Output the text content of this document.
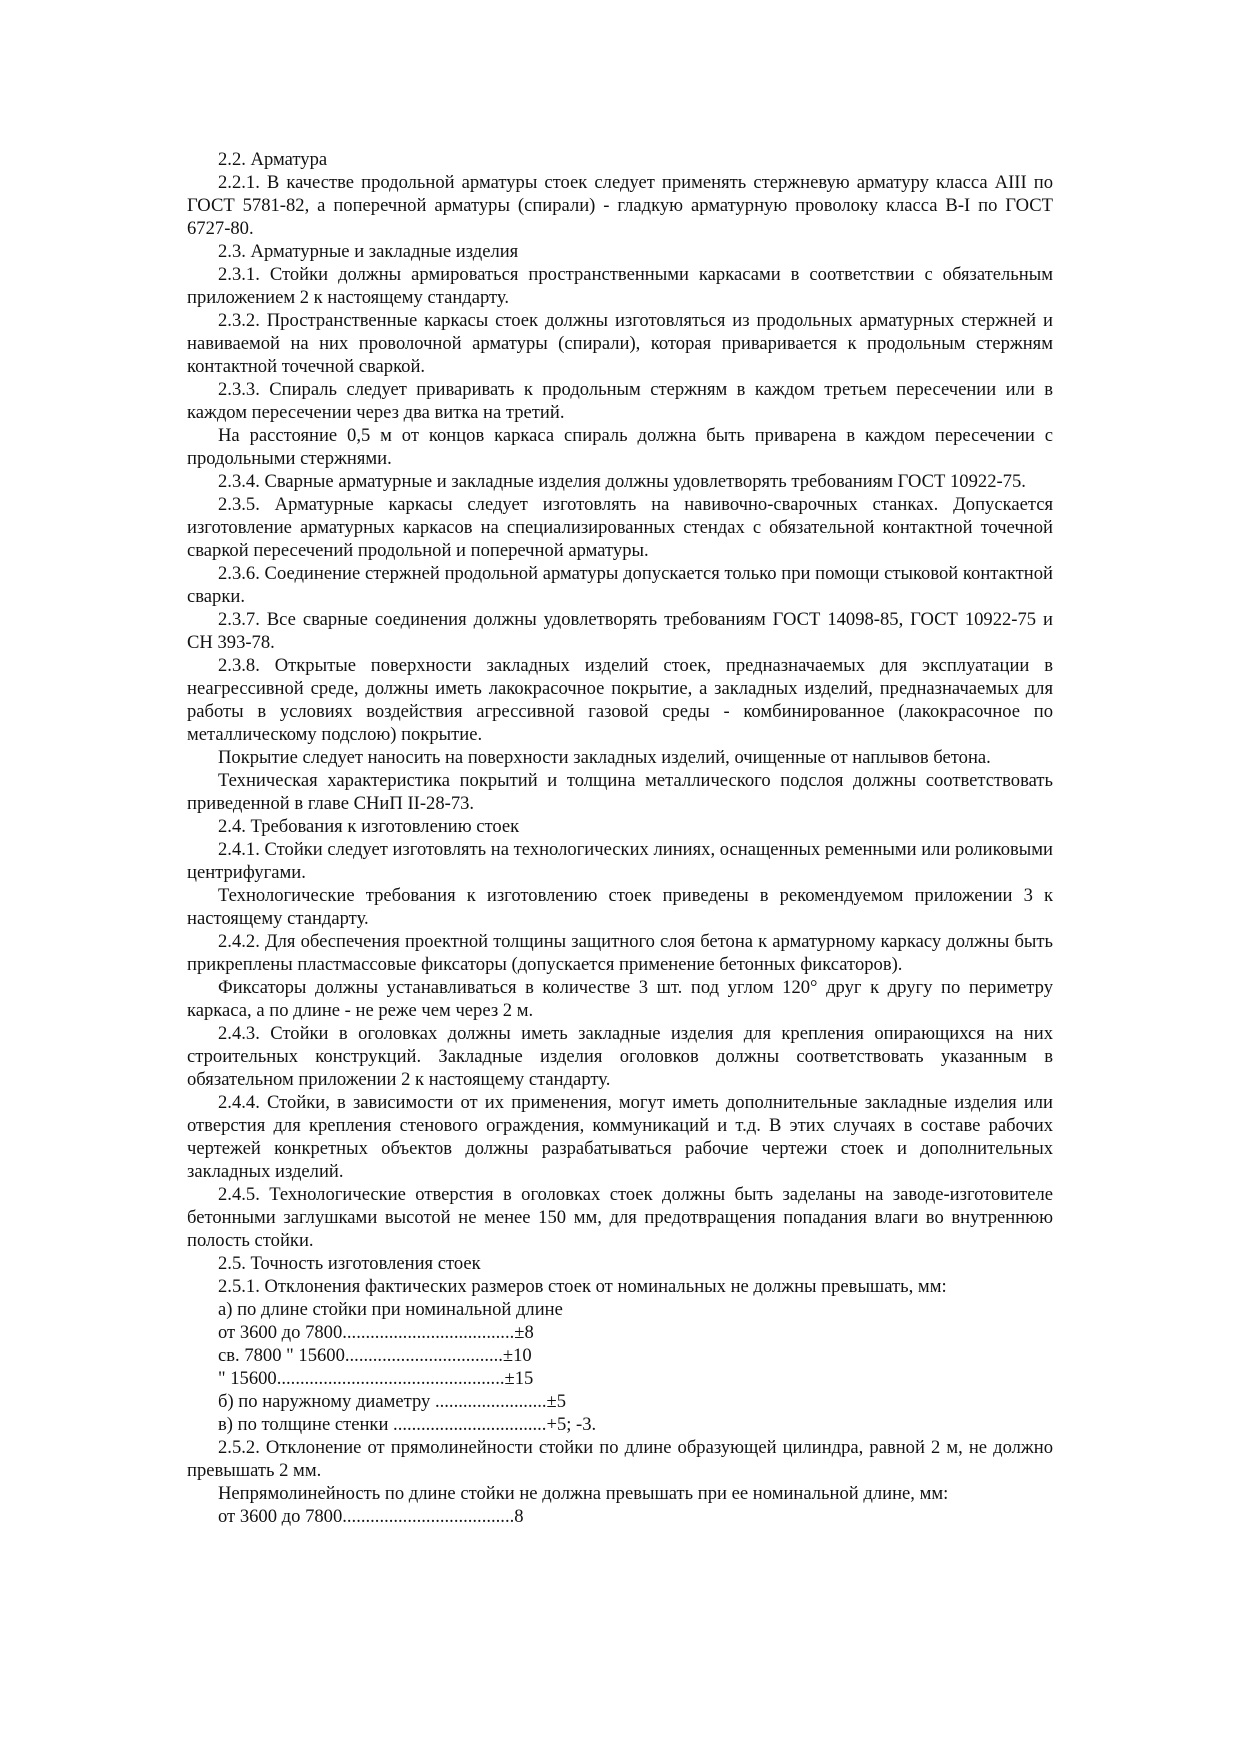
2.2. Арматура

2.2.1. В качестве продольной арматуры стоек следует применять стержневую арматуру класса AIII по ГОСТ 5781-82, а поперечной арматуры (спирали) - гладкую арматурную проволоку класса B-I по ГОСТ 6727-80.

2.3. Арматурные и закладные изделия

2.3.1. Стойки должны армироваться пространственными каркасами в соответствии с обязательным приложением 2 к настоящему стандарту.

2.3.2. Пространственные каркасы стоек должны изготовляться из продольных арматурных стержней и навиваемой на них проволочной арматуры (спирали), которая приваривается к продольным стержням контактной точечной сваркой.

2.3.3. Спираль следует приваривать к продольным стержням в каждом третьем пересечении или в каждом пересечении через два витка на третий.

На расстояние 0,5 м от концов каркаса спираль должна быть приварена в каждом пересечении с продольными стержнями.

2.3.4. Сварные арматурные и закладные изделия должны удовлетворять требованиям ГОСТ 10922-75.

2.3.5. Арматурные каркасы следует изготовлять на навивочно-сварочных станках. Допускается изготовление арматурных каркасов на специализированных стендах с обязательной контактной точечной сваркой пересечений продольной и поперечной арматуры.

2.3.6. Соединение стержней продольной арматуры допускается только при помощи стыковой контактной сварки.

2.3.7. Все сварные соединения должны удовлетворять требованиям ГОСТ 14098-85, ГОСТ 10922-75 и СН 393-78.

2.3.8. Открытые поверхности закладных изделий стоек, предназначаемых для эксплуатации в неагрессивной среде, должны иметь лакокрасочное покрытие, а закладных изделий, предназначаемых для работы в условиях воздействия агрессивной газовой среды - комбинированное (лакокрасочное по металлическому подслою) покрытие.

Покрытие следует наносить на поверхности закладных изделий, очищенные от наплывов бетона.

Техническая характеристика покрытий и толщина металлического подслоя должны соответствовать приведенной в главе СНиП II-28-73.

2.4. Требования к изготовлению стоек

2.4.1. Стойки следует изготовлять на технологических линиях, оснащенных ременными или роликовыми центрифугами.

Технологические требования к изготовлению стоек приведены в рекомендуемом приложении 3 к настоящему стандарту.

2.4.2. Для обеспечения проектной толщины защитного слоя бетона к арматурному каркасу должны быть прикреплены пластмассовые фиксаторы (допускается применение бетонных фиксаторов).

Фиксаторы должны устанавливаться в количестве 3 шт. под углом 120° друг к другу по периметру каркаса, а по длине - не реже чем через 2 м.

2.4.3. Стойки в оголовках должны иметь закладные изделия для крепления опирающихся на них строительных конструкций. Закладные изделия оголовков должны соответствовать указанным в обязательном приложении 2 к настоящему стандарту.

2.4.4. Стойки, в зависимости от их применения, могут иметь дополнительные закладные изделия или отверстия для крепления стенового ограждения, коммуникаций и т.д. В этих случаях в составе рабочих чертежей конкретных объектов должны разрабатываться рабочие чертежи стоек и дополнительных закладных изделий.

2.4.5. Технологические отверстия в оголовках стоек должны быть заделаны на заводе-изготовителе бетонными заглушками высотой не менее 150 мм, для предотвращения попадания влаги во внутреннюю полость стойки.

2.5. Точность изготовления стоек

2.5.1. Отклонения фактических размеров стоек от номинальных не должны превышать, мм:

а) по длине стойки при номинальной длине

от 3600 до 7800.....................................±8

св. 7800 " 15600..................................±10

" 15600.................................................±15

б) по наружному диаметру ........................±5

в) по толщине стенки .................................+5; -3.

2.5.2. Отклонение от прямолинейности стойки по длине образующей цилиндра, равной 2 м, не должно превышать 2 мм.

Непрямолинейность по длине стойки не должна превышать при ее номинальной длине, мм:

от 3600 до 7800.....................................8
